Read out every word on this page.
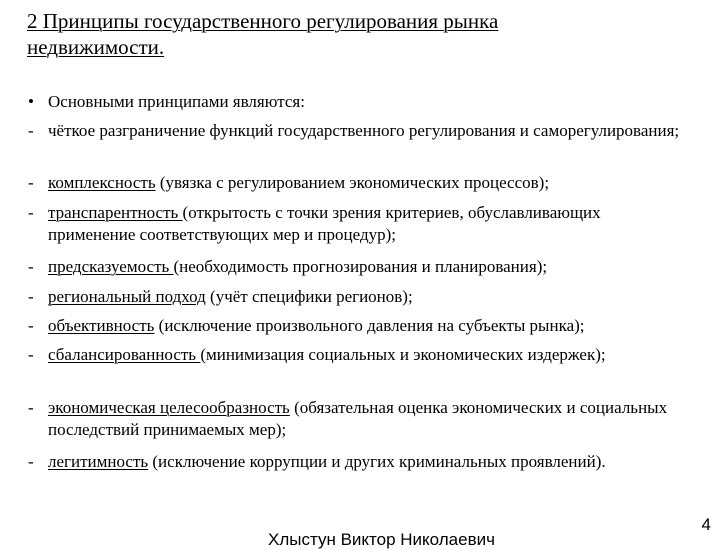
2 Принципы государственного регулирования рынка недвижимости.
• Основными принципами являются:
- чёткое разграничение функций государственного регулирования и саморегулирования;
- комплексность (увязка с регулированием экономических процессов);
- транспарентность (открытость с точки зрения критериев, обуславливающих применение соответствующих мер и процедур);
- предсказуемость (необходимость прогнозирования и планирования);
- региональный подход (учёт специфики регионов);
- объективность (исключение произвольного давления на субъекты рынка);
- сбалансированность (минимизация социальных и экономических издержек);
- экономическая целесообразность (обязательная оценка экономических и социальных последствий принимаемых мер);
- легитимность (исключение коррупции и других криминальных проявлений).
Хлыстун Виктор Николаевич
4
